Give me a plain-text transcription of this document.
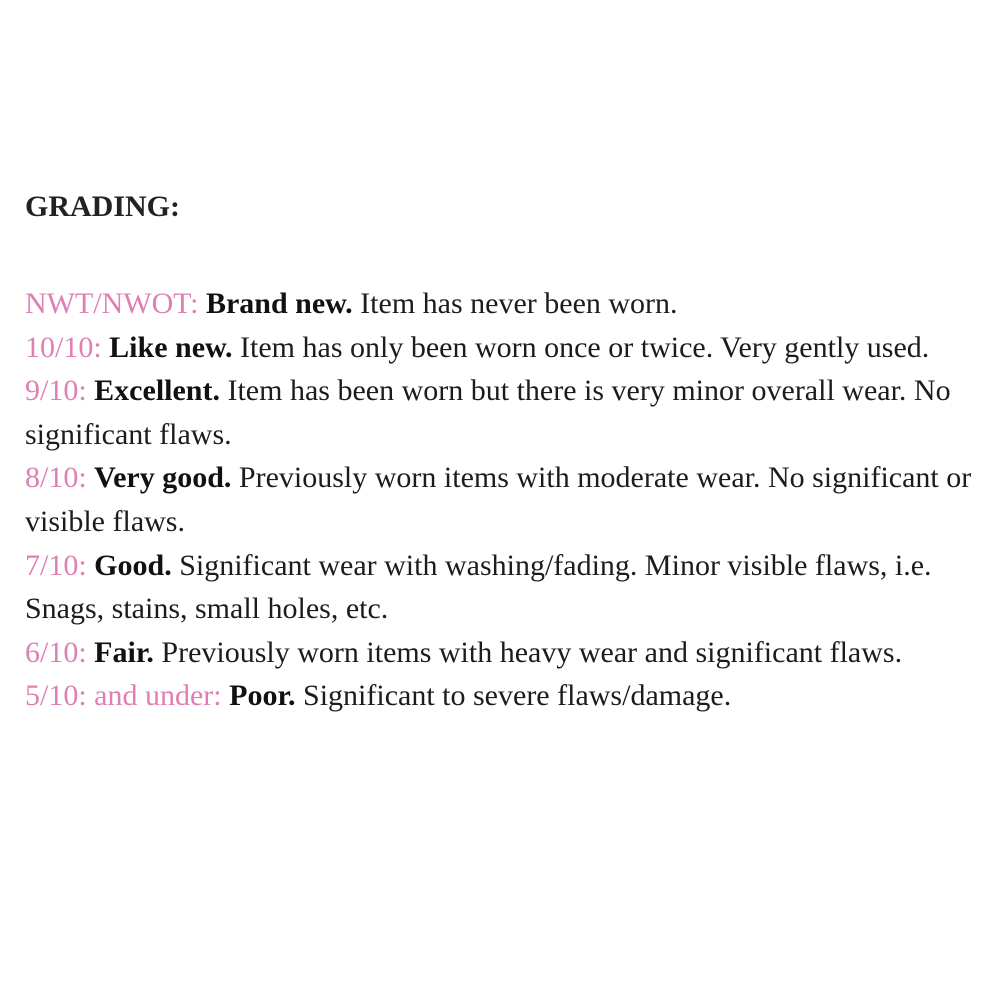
GRADING:
NWT/NWOT: Brand new. Item has never been worn.
10/10: Like new. Item has only been worn once or twice. Very gently used.
9/10: Excellent. Item has been worn but there is very minor overall wear. No significant flaws.
8/10: Very good. Previously worn items with moderate wear. No significant or visible flaws.
7/10: Good. Significant wear with washing/fading. Minor visible flaws, i.e. Snags, stains, small holes, etc.
6/10: Fair. Previously worn items with heavy wear and significant flaws.
5/10: and under: Poor. Significant to severe flaws/damage.
